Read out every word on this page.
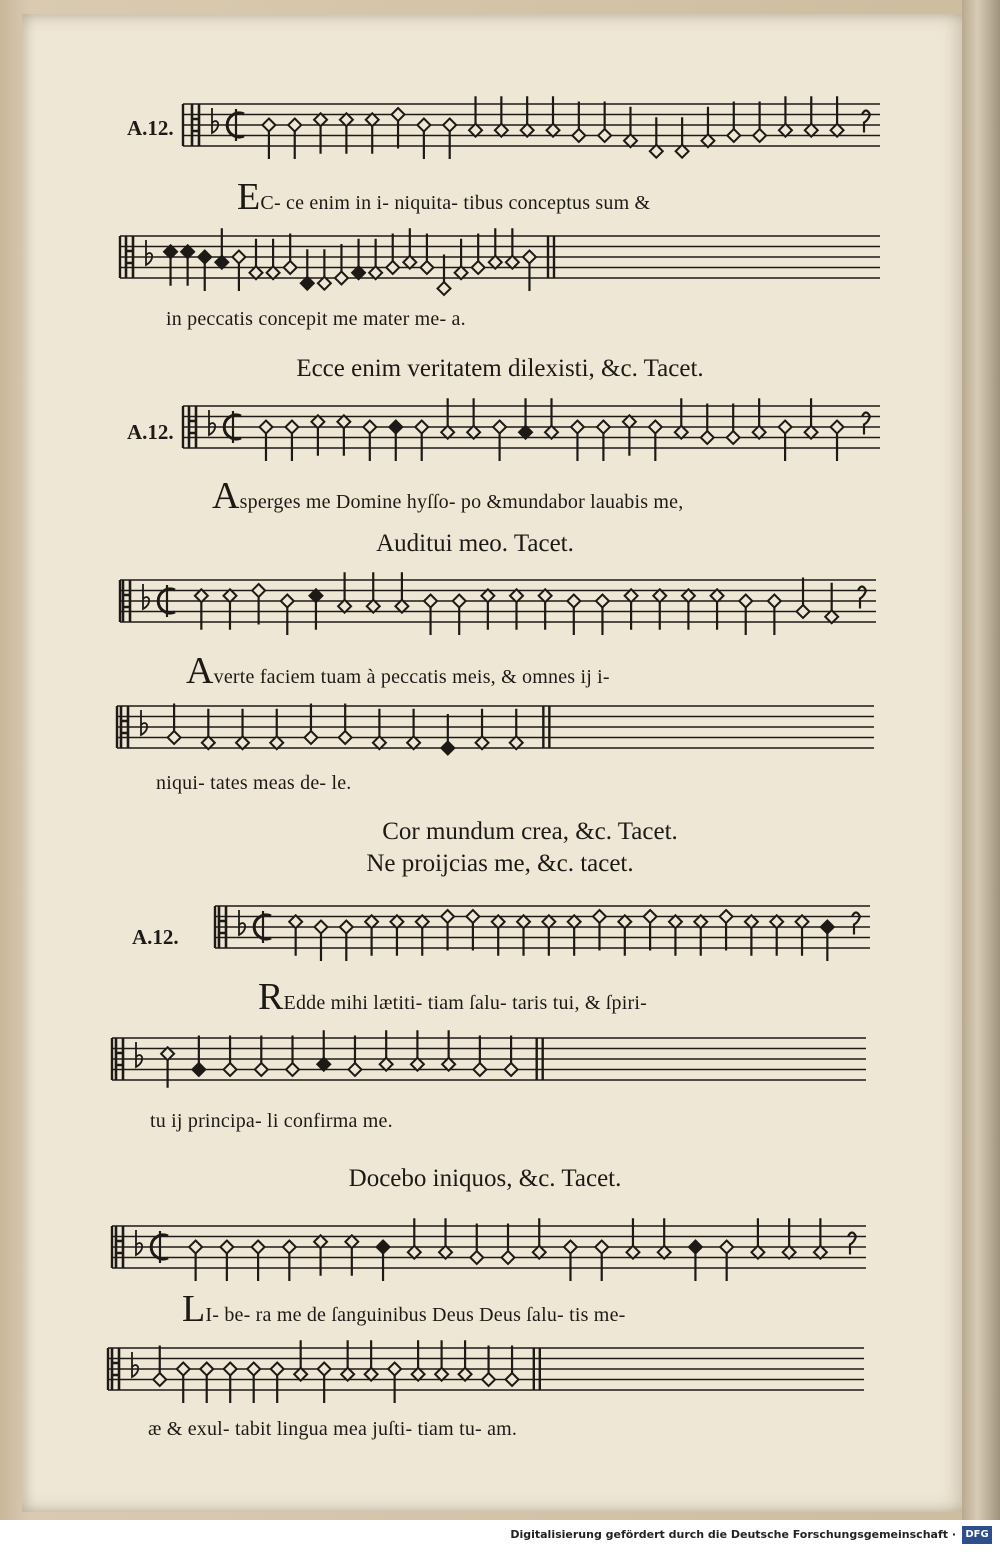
A.12.
EC- ce enim in i- niquita- tibus conceptus sum &
in peccatis concepit me mater me- a.
Ecce enim veritatem dilexisti, &c. Tacet.
A.12.
Asperges me Domine hyſſo- po &mundabor lauabis me,
Auditui meo. Tacet.
Averte faciem tuam à peccatis meis, & omnes ij i-
niqui- tates meas de- le.
Cor mundum crea, &c. Tacet.
Ne proijcias me, &c. tacet.
A.12.
REdde mihi lætiti- tiam ſalu- taris tui, & ſpiri-
tu ij principa- li confirma me.
Docebo iniquos, &c. Tacet.
LI- be- ra me de ſanguinibus Deus Deus ſalu- tis me-
æ & exul- tabit lingua mea juſti- tiam tu- am.
Digitalisierung gefördert durch die Deutsche Forschungsgemeinschaft · DFG
